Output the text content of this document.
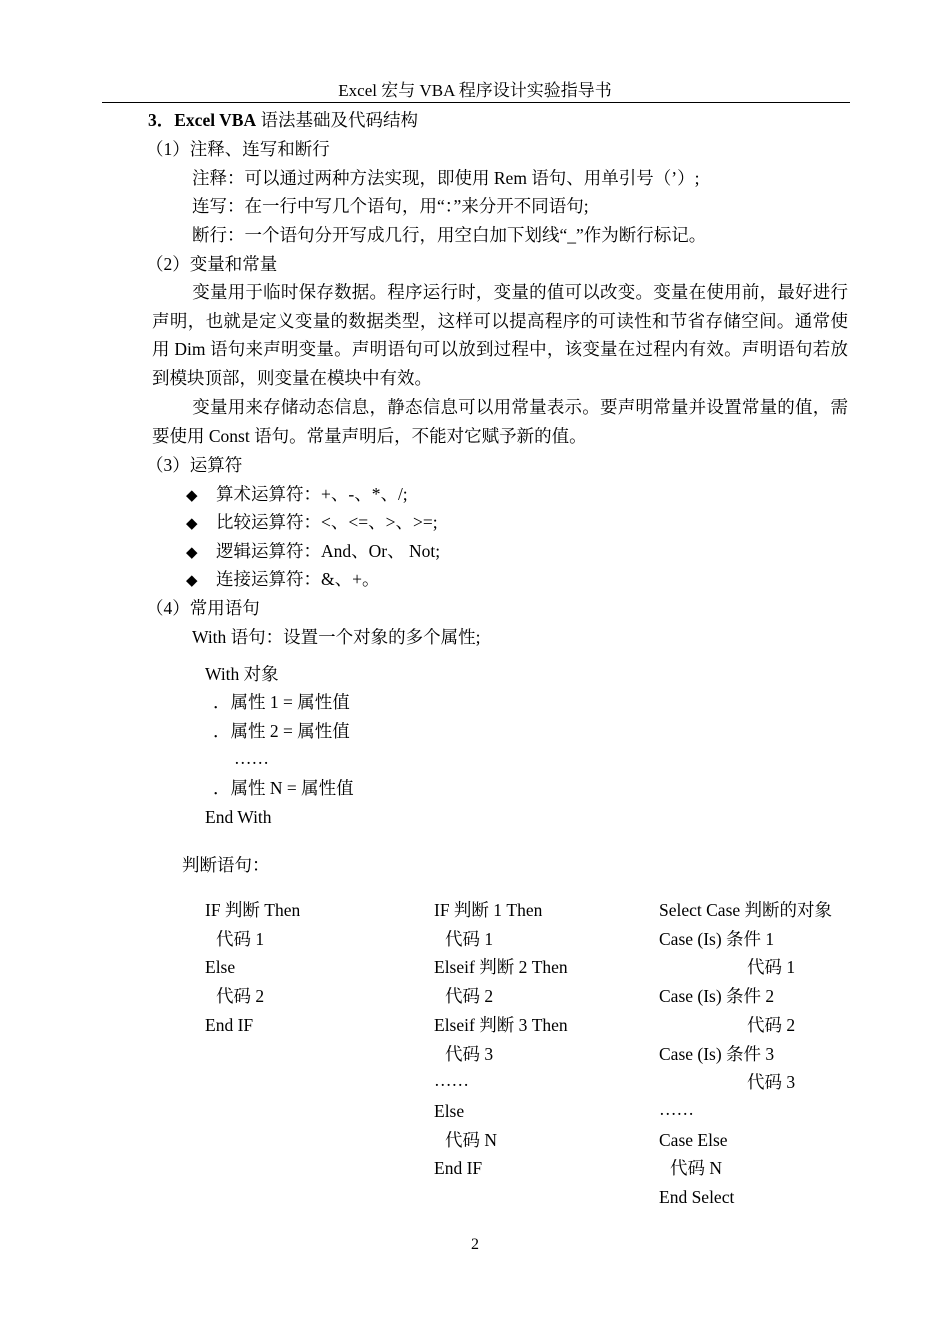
Excel 宏与 VBA 程序设计实验指导书
3．Excel VBA 语法基础及代码结构
（1）注释、连写和断行
注释：可以通过两种方法实现，即使用 Rem 语句、用单引号（’）;
连写：在一行中写几个语句，用“：”来分开不同语句;
断行：一个语句分开写成几行，用空白加下划线“_”作为断行标记。
（2）变量和常量
变量用于临时保存数据。程序运行时，变量的值可以改变。变量在使用前，最好进行声明，也就是定义变量的数据类型，这样可以提高程序的可读性和节省存储空间。通常使用 Dim 语句来声明变量。声明语句可以放到过程中，该变量在过程内有效。声明语句若放到模块顶部，则变量在模块中有效。
变量用来存储动态信息，静态信息可以用常量表示。要声明常量并设置常量的值，需要使用 Const 语句。常量声明后，不能对它赋予新的值。
（3）运算符
◆ 算术运算符：+、-、*、/;
◆ 比较运算符：<、<=、>、>=;
◆ 逻辑运算符：And、Or、 Not;
◆ 连接运算符：&、+。
（4）常用语句
With 语句：设置一个对象的多个属性;
With 对象
．属性 1 = 属性值
．属性 2 = 属性值
……
．属性 N = 属性值
End With
判断语句：
IF 判断 Then
代码 1
Else
代码 2
End IF
IF 判断 1 Then
代码 1
Elseif 判断 2 Then
代码 2
Elseif 判断 3 Then
代码 3
……
Else
代码 N
End IF
Select Case 判断的对象
Case (Is) 条件 1
代码 1
Case (Is) 条件 2
代码 2
Case (Is) 条件 3
代码 3
……
Case Else
代码 N
End Select
2
